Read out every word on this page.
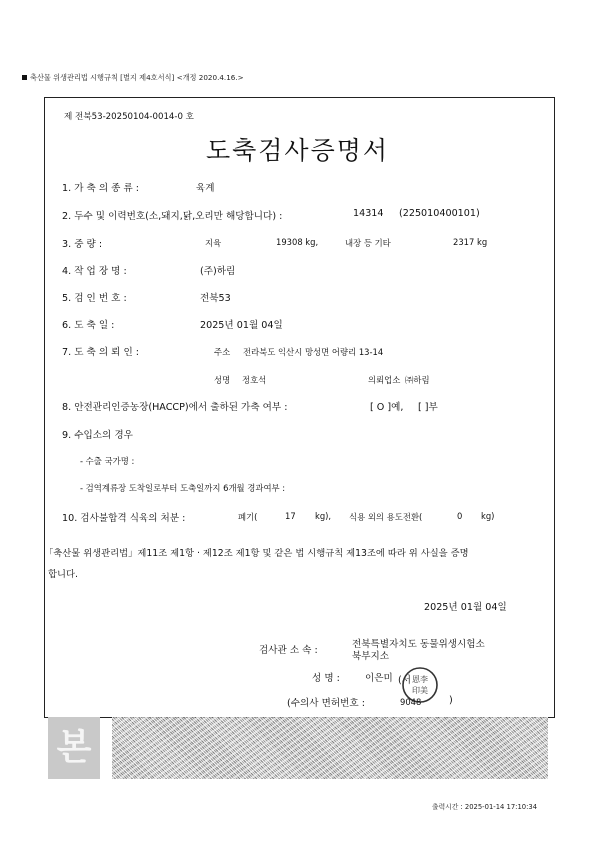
축산물 위생관리법 시행규칙 [별지 제4호서식] <개정 2020.4.16.>
제 전북53-20250104-0014-0 호
도축검사증명서
1. 가 축 의 종 류 :	육계
2. 두수 및 이력번호(소,돼지,닭,오리만 해당합니다) :	14314 (225010400101)
3. 중 량 :	지육	19308 kg,	내장 등 기타	2317 kg
4. 작 업 장 명 :	(주)하림
5. 검 인 번 호 :	전북53
6. 도 축 일 :	2025년 01월 04일
7. 도 축 의 뢰 인 :	주소 전라북도 익산시 망성면 어량리 13-14
성명 정호석	의뢰업소 ㈜하림
8. 안전관리인증농장(HACCP)에서 출하된 가축 여부 :	[ O ]예, [ ]부
9. 수입소의 경우
- 수출 국가명 :
- 검역계류장 도착일로부터 도축일까지 6개월 경과여부 :
10. 검사불합격 식육의 처분 :	폐기(	17 kg), 식용 외의 용도전환(	0 kg)
「축산물 위생관리법」제11조 제1항 · 제12조 제1항 및 같은 법 시행규칙 제13조에 따라 위 사실을 증명
합니다.
2025년 01월 04일
검사관 소 속 :
전북특별자치도 동물위생시험소
북부지소
성 명 :	이은미 (서 恩李
印美
(수의사 면허번호 :	9048	)
본
출력시간 : 2025-01-14 17:10:34
